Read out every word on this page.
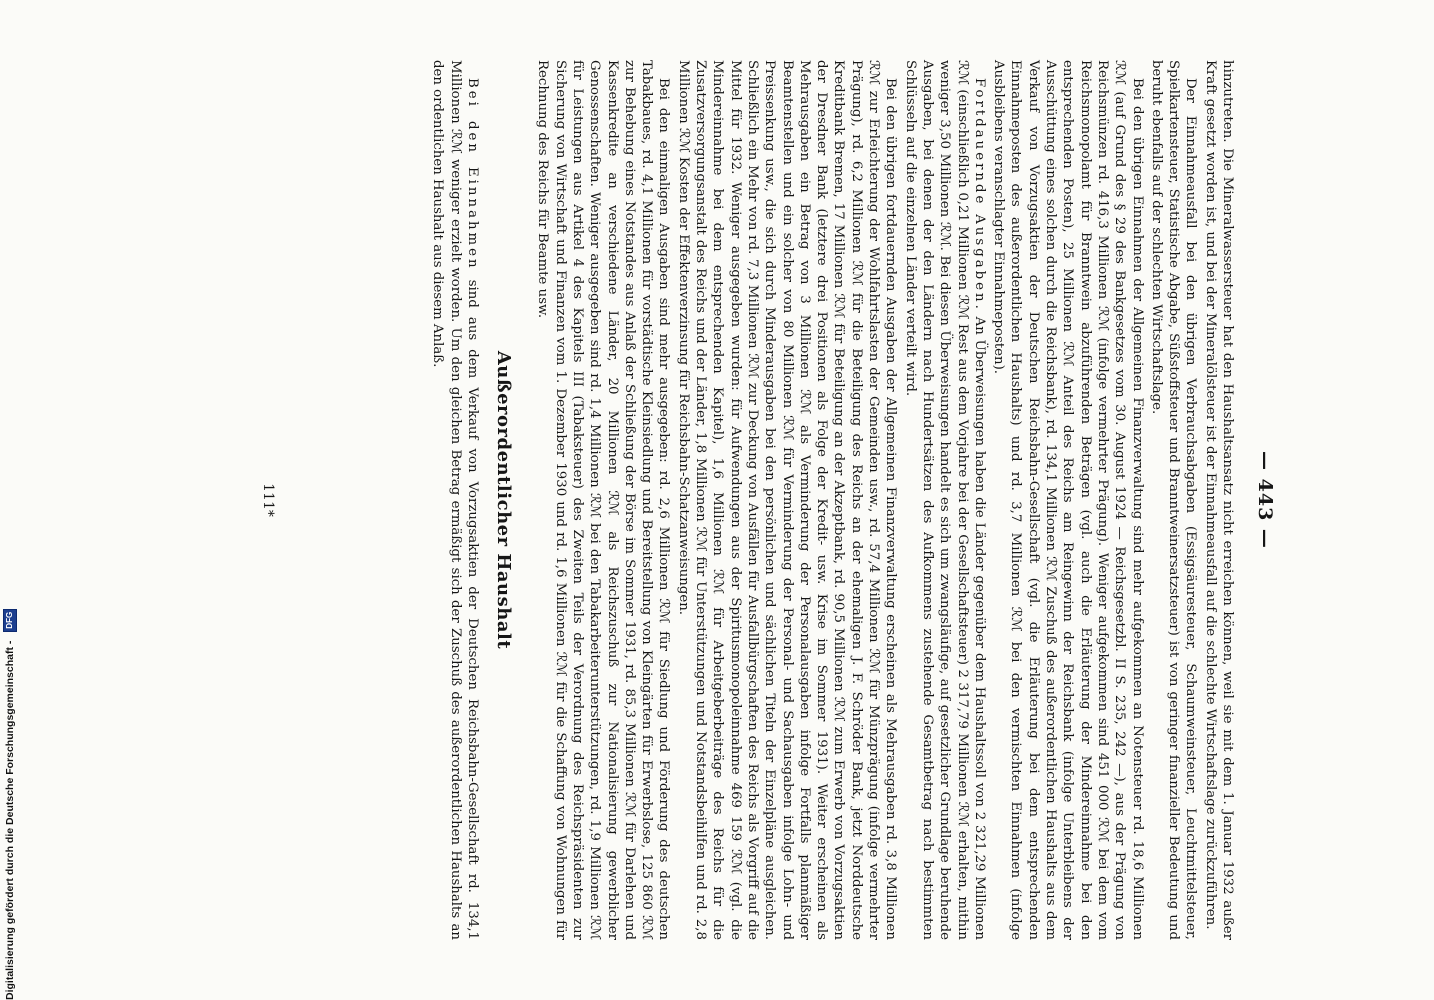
Digitalisierung gefördert durch die Deutsche Forschungsgemeinschaft - DFG
— 443 —

hinzutreten. Die Mineralwassersteuer hat den Haushaltsansatz nicht erreichen können, weil sie mit dem 1. Januar 1932 außer Kraft gesetzt worden ist, und bei der Mineralölsteuer ist der Einnahmeausfall auf die schlechte Wirtschaftslage zurückzuführen.

Der Einnahmeausfall bei den übrigen Verbrauchsabgaben (Essigsäuresteuer, Schaumweinsteuer, Leuchtmittelsteuer, Spielkartensteuer, Statistische Abgabe, Süßstoffsteuer und Branntweinersatzsteuer) ist von geringer finanzieller Bedeutung und beruht ebenfalls auf der schlechten Wirtschaftslage.

Bei den übrigen Einnahmen der Allgemeinen Finanzverwaltung sind mehr aufgekommen an Notensteuer rd. 18,6 Millionen ℛℳ (auf Grund des § 29 des Bankgesetzes vom 30. August 1924 — Reichsgesetzbl. II S. 235, 242 —), aus der Prägung von Reichsmünzen rd. 416,3 Millionen ℛℳ (infolge vermehrter Prägung). Weniger aufgekommen sind 451 000 ℛℳ bei dem vom Reichsmonopolamt für Branntwein abzuführenden Beträgen (vgl. auch die Erläuterung der Mindereinnahme bei den entsprechenden Posten), 25 Millionen ℛℳ Anteil des Reichs am Reingewinn der Reichsbank (infolge Unterbleibens der Ausschüttung eines solchen durch die Reichsbank), rd. 134,1 Millionen ℛℳ Zuschuß des außerordentlichen Haushalts aus dem Verkauf von Vorzugsaktien der Deutschen Reichsbahn-Gesellschaft (vgl. die Erläuterung bei dem entsprechenden Einnahmeposten des außerordentlichen Haushalts) und rd. 3,7 Millionen ℛℳ bei den vermischten Einnahmen (infolge Ausbleibens veranschlagter Einnahmeposten).

Fortdauernde Ausgaben. An Überweisungen haben die Länder gegenüber dem Haushaltssoll von 2 321,29 Millionen ℛℳ (einschließlich 0,21 Millionen ℛℳ Rest aus dem Vorjahre bei der Gesellschaftsteuer) 2 317,79 Millionen ℛℳ erhalten, mithin weniger 3,50 Millionen ℛℳ. Bei diesen Überweisungen handelt es sich um zwangsläufige, auf gesetzlicher Grundlage beruhende Ausgaben, bei denen der den Ländern nach Hundertsätzen des Aufkommens zustehende Gesamtbetrag nach bestimmten Schlüsseln auf die einzelnen Länder verteilt wird.

Bei den übrigen fortdauernden Ausgaben der Allgemeinen Finanzverwaltung erscheinen als Mehrausgaben rd. 3,8 Millionen ℛℳ zur Erleichterung der Wohlfahrtslasten der Gemeinden usw., rd. 57,4 Millionen ℛℳ für Münzprägung (infolge vermehrter Prägung), rd. 6,2 Millionen ℛℳ für die Beteiligung des Reichs an der ehemaligen J. F. Schröder Bank, jetzt Norddeutsche Kreditbank Bremen, 17 Millionen ℛℳ für Beteiligung an der Akzeptbank, rd. 90,5 Millionen ℛℳ zum Erwerb von Vorzugsaktien der Dresdner Bank (letztere drei Positionen als Folge der Kredit- usw. Krise im Sommer 1931). Weiter erscheinen als Mehrausgaben ein Betrag von 3 Millionen ℛℳ als Verminderung der Personalausgaben infolge Fortfalls planmäßiger Beamtenstellen und ein solcher von 80 Millionen ℛℳ für Verminderung der Personal- und Sachausgaben infolge Lohn- und Preissenkung usw., die sich durch Minderausgaben bei den persönlichen und sächlichen Titeln der Einzelpläne ausgleichen. Schließlich ein Mehr von rd. 7,3 Millionen ℛℳ zur Deckung von Ausfällen für Ausfallbürgschaften des Reichs als Vorgriff auf die Mittel für 1932. Weniger ausgegeben wurden: für Aufwendungen aus der Spiritusmonopoleinnahme 469 159 ℛℳ (vgl. die Mindereinnahme bei dem entsprechenden Kapitel), 1,6 Millionen ℛℳ für Arbeitgeberbeiträge des Reichs für die Zusatzversorgungsanstalt des Reichs und der Länder, 1,8 Millionen ℛℳ für Unterstützungen und Notstandsbeihilfen und rd. 2,8 Millionen ℛℳ Kosten der Effektenverzinsung für Reichsbahn-Schatzanweisungen.

Bei den einmaligen Ausgaben sind mehr ausgegeben: rd. 2,6 Millionen ℛℳ für Siedlung und Förderung des deutschen Tabakbaues, rd. 4,1 Millionen für vorstädtische Kleinsiedlung und Bereitstellung von Kleingärten für Erwerbslose, 125 860 ℛℳ zur Behebung eines Notstandes aus Anlaß der Schließung der Börse im Sommer 1931, rd. 85,3 Millionen ℛℳ für Darlehen und Kassenkredite an verschiedene Länder, 20 Millionen ℛℳ als Reichszuschuß zur Nationalisierung gewerblicher Genossenschaften. Weniger ausgegeben sind rd. 1,4 Millionen ℛℳ bei den Tabakarbeiterunterstützungen, rd. 1,9 Millionen ℛℳ für Leistungen aus Artikel 4 des Kapitels III (Tabaksteuer) des Zweiten Teils der Verordnung des Reichspräsidenten zur Sicherung von Wirtschaft und Finanzen vom 1. Dezember 1930 und rd. 1,6 Millionen ℛℳ für die Schaffung von Wohnungen für Rechnung des Reichs für Beamte usw.

Außerordentlicher Haushalt

Bei den Einnahmen sind aus dem Verkauf von Vorzugsaktien der Deutschen Reichsbahn-Gesellschaft rd. 134,1 Millionen ℛℳ weniger erzielt worden. Um den gleichen Betrag ermäßigt sich der Zuschuß des außerordentlichen Haushalts an den ordentlichen Haushalt aus diesem Anlaß.

111*
